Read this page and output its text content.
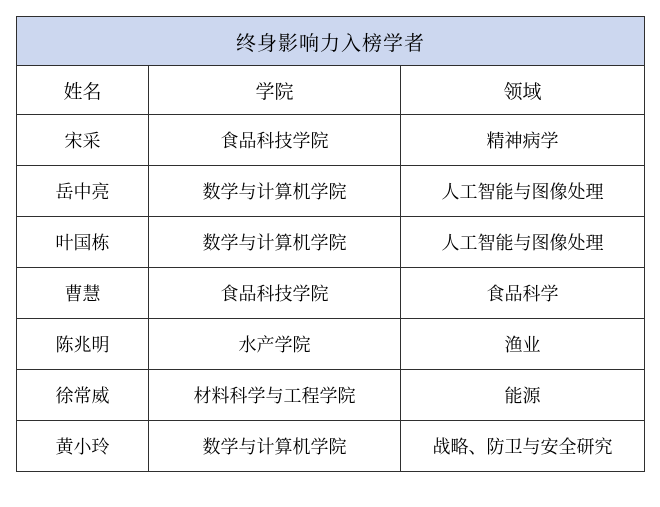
终身影响力入榜学者		
姓名	学院	领域
宋采	食品科技学院	精神病学
岳中亮	数学与计算机学院	人工智能与图像处理
叶国栋	数学与计算机学院	人工智能与图像处理
曹慧	食品科技学院	食品科学
陈兆明	水产学院	渔业
徐常威	材料科学与工程学院	能源
黄小玲	数学与计算机学院	战略、防卫与安全研究
